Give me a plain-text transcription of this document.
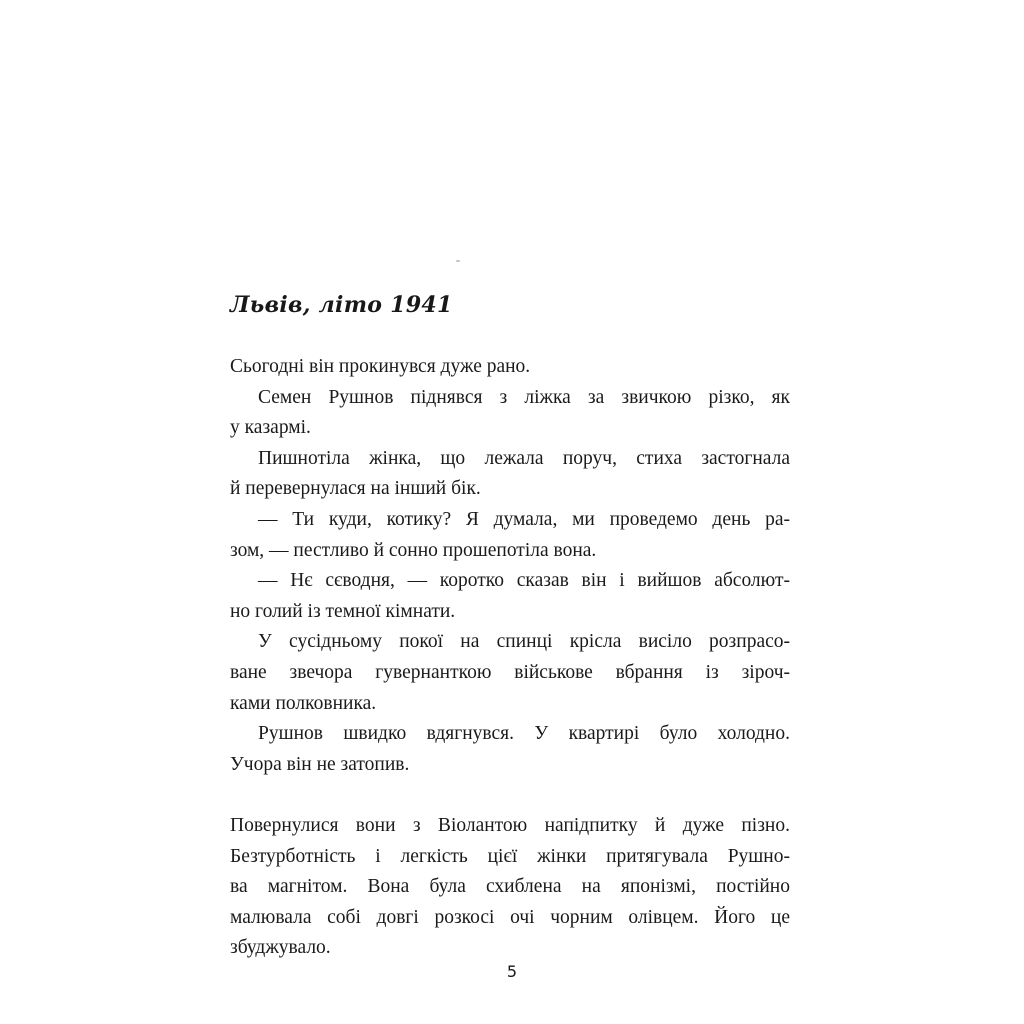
Львів, літо 1941

Сьогодні він прокинувся дуже рано.

Семен Рушнов піднявся з ліжка за звичкою різко, як
у казармі.

Пишнотіла жінка, що лежала поруч, стиха застогнала
й перевернулася на інший бік.

— Ти куди, котику? Я думала, ми проведемо день ра-
зом, — пестливо й сонно прошепотіла вона.

— Нє сєводня, — коротко сказав він і вийшов абсолют-
но голий із темної кімнати.

У сусідньому покої на спинці крісла висіло розпрасо-
ване звечора гувернанткою військове вбрання із зіроч-
ками полковника.

Рушнов швидко вдягнувся. У квартирі було холодно.
Учора він не затопив.

Повернулися вони з Віолантою напідпитку й дуже пізно.
Безтурботність і легкість цієї жінки притягувала Рушно-
ва магнітом. Вона була схиблена на японізмі, постійно
малювала собі довгі розкосі очі чорним олівцем. Його це
збуджувало.

5
